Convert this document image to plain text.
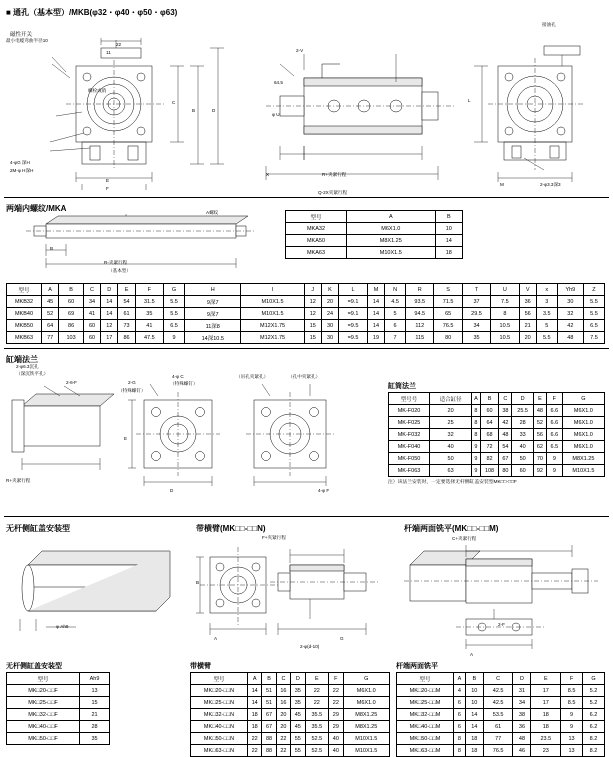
■ 通孔（基本型）/MKB(φ32・φ40・φ50・φ63)
磁性开关
最小电缆弯曲半径10
螺栓或销
4-φG 深H
2M-φ H深H
22
11
C
B	D
E
F
2-V
64.5
φ U
X	R+夹紧行程
Q-2X夹紧行程
接油孔
L
M	2-φ3.3深3
两端内螺纹/MKA	A螺纹
B
R-夹紧行程
（基本型）
型号	A	B
MKA32	M6X1.0	10
MKA50	M8X1.25	14
MKA63	M10X1.5	18
型号	A	B	C	D	E	F	G	H	I	J	K	L	M	N	R	S	T	U	V	x	Yh9	Z
MKB32	45	60	34	14	54	31.5	5.5	9深7	M10X1.5	12	20	=9.1	14	4.5	93.5	71.5	37	7.5	36	3	30	5.5
MKB40	52	69	41	14	61	35	5.5	9深7	M10X1.5	12	24	=9.1	14	5	94.5	65	29.5	8	56	3.5	32	5.5
MKB50	64	86	60	12	73	41	6.5	11深8	M12X1.75	15	30	=9.5	14	6	112	76.5	34	10.5	21	5	42	6.5
MKB63	77	103	60	17	86	47.5	9	14深10.5	M12X1.75	15	30	=9.5	19	7	115	80	35	10.5	20	5.5	48	7.5
缸端法兰
2-φ6.3沉孔
（深沉铁平孔）
2-6-F	2-G
（特殊螺钉）
4-φ C
（特殊螺钉）
（吊孔夹紧孔）	（孔中夹紧孔）
4-φ F
D
E
R+夹紧行程
缸筒法兰
型号号	适合缸径	A	B	C	D	E	F	G
MK-F020	20	8	60	38	25.5	48	6.6	M6X1.0
MK-F025	25	8	64	42	28	52	6.6	M6X1.0
MK-F032	32	8	68	48	33	56	6.6	M6X1.0
MK-F040	40	9	72	54	40	62	6.5	M6X1.0
MK-F050	50	9	82	67	50	70	9	M8X1.25
MK-F063	63	9	108	80	60	92	9	M10X1.5
注）该法兰安装时，一定要选择无杆侧缸盖安装型MK□□-□□F
无杆侧缸盖安装型	带横臂(MK□□-□□N)	杆端两面铣平(MK□□-□□M)
φ Ah9
无杆侧缸盖安装型
型号	Ah9
MK□20-□□F	13
MK□25-□□F	15
MK□32-□□F	21
MK□40-□□F	28
MK□50-□□F	35
F+夹紧行程
B
A
2-φ(d-10)
G
带横臂
型号	A	B	C	D	E	F	G
MK□20-□□N	14	51	16	35	22	22	M6X1.0
MK□25-□□N	14	51	16	35	22	22	M6X1.0
MK□32-□□N	18	67	20	45	35.5	29	M8X1.25
MK□40-□□N	18	67	20	45	35.5	29	M8X1.25
MK□50-□□N	22	88	22	55	52.5	40	M10X1.5
MK□63-□□N	22	88	22	55	52.5	40	M10X1.5
C+夹紧行程
2-F
A
杆端两面铣平
型号	A	B	C	D	E	F	G
MK□20-□□M	4	10	42.5	31	17	8.5	5.2
MK□25-□□M	6	10	42.5	34	17	8.5	5.2
MK□32-□□M	6	14	53.5	38	18	9	6.2
MK□40-□□M	6	14	61	36	18	9	6.2
MK□50-□□M	8	18	77	48	23.5	13	8.2
MK□63-□□M	8	18	76.5	46	23	13	8.2
